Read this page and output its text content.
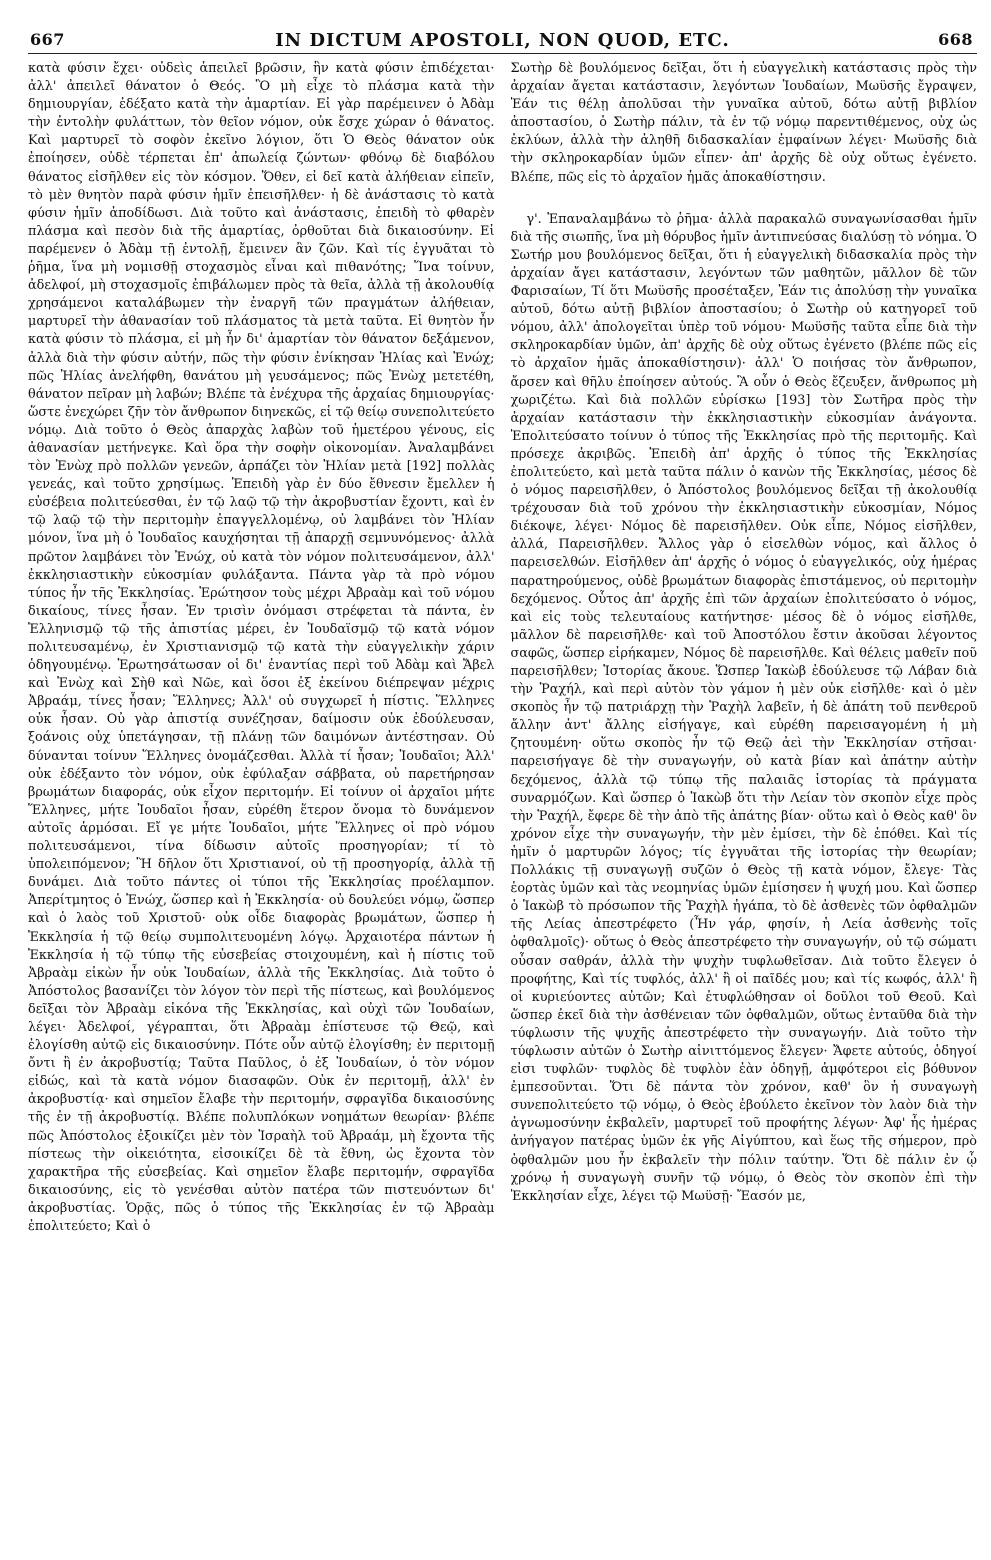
667	IN DICTUM APOSTOLI, NON QUOD, ETC.	668

κατὰ φύσιν ἔχει· οὐδεὶς ἀπειλεῖ βρῶσιν, ἣν κατὰ φύσιν ἐπιδέχεται· ἀλλ' ἀπειλεῖ θάνατον ὁ Θεός. Ὃ μὴ εἶχε τὸ πλάσμα κατὰ τὴν δημιουργίαν, ἐδέξατο κατὰ τὴν ἁμαρτίαν. Εἰ γὰρ παρέμεινεν ὁ Ἀδὰμ τὴν ἐντολὴν φυλάττων, τὸν θεῖον νόμον, οὐκ ἔσχε χώραν ὁ θάνατος. Καὶ μαρτυρεῖ τὸ σοφὸν ἐκεῖνο λόγιον, ὅτι Ὁ Θεὸς θάνατον οὐκ ἐποίησεν, οὐδὲ τέρπεται ἐπ' ἀπωλείᾳ ζώντων· φθόνῳ δὲ διαβόλου θάνατος εἰσῆλθεν εἰς τὸν κόσμον. Ὅθεν, εἰ δεῖ κατὰ ἀλήθειαν εἰπεῖν, τὸ μὲν θνητὸν παρὰ φύσιν ἡμῖν ἐπεισῆλθεν· ἡ δὲ ἀνάστασις τὸ κατὰ φύσιν ἡμῖν ἀποδίδωσι. Διὰ τοῦτο καὶ ἀνάστασις, ἐπειδὴ τὸ φθαρὲν πλάσμα καὶ πεσὸν διὰ τῆς ἁμαρτίας, ὀρθοῦται διὰ δικαιοσύνην. Εἰ παρέμενεν ὁ Ἀδὰμ τῇ ἐντολῇ, ἔμεινεν ἂν ζῶν. Καὶ τίς ἐγγυᾶται τὸ ῥῆμα, ἵνα μὴ νομισθῇ στοχασμὸς εἶναι καὶ πιθανότης; Ἵνα τοίνυν, ἀδελφοί, μὴ στοχασμοῖς ἐπιβάλωμεν πρὸς τὰ θεῖα, ἀλλὰ τῇ ἀκολουθίᾳ χρησάμενοι καταλάβωμεν τὴν ἐναργῆ τῶν πραγμάτων ἀλήθειαν, μαρτυρεῖ τὴν ἀθανασίαν τοῦ πλάσματος τὰ μετὰ ταῦτα. Εἰ θνητὸν ἦν κατὰ φύσιν τὸ πλάσμα, εἰ μὴ ἦν δι' ἁμαρτίαν τὸν θάνατον δεξάμενον, ἀλλὰ διὰ τὴν φύσιν αὐτήν, πῶς τὴν φύσιν ἐνίκησαν Ἠλίας καὶ Ἐνώχ; πῶς Ἠλίας ἀνελήφθη, θανάτου μὴ γευσάμενος; πῶς Ἐνὼχ μετετέθη, θάνατον πεῖραν μὴ λαβών; Βλέπε τὰ ἐνέχυρα τῆς ἀρχαίας δημιουργίας· ὥστε ἐνεχώρει ζῆν τὸν ἄνθρωπον διηνεκῶς, εἰ τῷ θείῳ συνεπολιτεύετο νόμῳ. Διὰ τοῦτο ὁ Θεὸς ἀπαρχὰς λαβὼν τοῦ ἡμετέρου γένους, εἰς ἀθανασίαν μετήνεγκε. Καὶ ὅρα τὴν σοφὴν οἰκονομίαν. Ἀναλαμβάνει τὸν Ἐνὼχ πρὸ πολλῶν γενεῶν, ἁρπάζει τὸν Ἠλίαν μετὰ [192] πολλὰς γενεάς, καὶ τοῦτο χρησίμως. Ἐπειδὴ γὰρ ἐν δύο ἔθνεσιν ἔμελλεν ἡ εὐσέβεια πολιτεύεσθαι, ἐν τῷ λαῷ τῷ τὴν ἀκροβυστίαν ἔχοντι, καὶ ἐν τῷ λαῷ τῷ τὴν περιτομὴν ἐπαγγελλομένῳ, οὐ λαμβάνει τὸν Ἠλίαν μόνον, ἵνα μὴ ὁ Ἰουδαῖος καυχήσηται τῇ ἀπαρχῇ σεμνυνόμενος· ἀλλὰ πρῶτον λαμβάνει τὸν Ἐνώχ, οὐ κατὰ τὸν νόμον πολιτευσάμενον, ἀλλ' ἐκκλησιαστικὴν εὐκοσμίαν φυλάξαντα. Πάντα γὰρ τὰ πρὸ νόμου τύπος ἦν τῆς Ἐκκλησίας. Ἐρώτησον τοὺς μέχρι Ἀβραὰμ καὶ τοῦ νόμου δικαίους, τίνες ἦσαν. Ἐν τρισὶν ὀνόμασι στρέφεται τὰ πάντα, ἐν Ἑλληνισμῷ τῷ τῆς ἀπιστίας μέρει, ἐν Ἰουδαϊσμῷ τῷ κατὰ νόμον πολιτευσαμένῳ, ἐν Χριστιανισμῷ τῷ κατὰ τὴν εὐαγγελικὴν χάριν ὁδηγουμένῳ. Ἐρωτησάτωσαν οἱ δι' ἐναντίας περὶ τοῦ Ἀδὰμ καὶ Ἄβελ καὶ Ἐνὼχ καὶ Σὴθ καὶ Νῶε, καὶ ὅσοι ἐξ ἐκείνου διέπρεψαν μέχρις Ἀβραάμ, τίνες ἦσαν; Ἕλληνες; Ἀλλ' οὐ συγχωρεῖ ἡ πίστις. Ἕλληνες οὐκ ἦσαν. Οὐ γὰρ ἀπιστίᾳ συνέζησαν, δαίμοσιν οὐκ ἐδούλευσαν, ξοάνοις οὐχ ὑπετάγησαν, τῇ πλάνῃ τῶν δαιμόνων ἀντέστησαν. Οὐ δύνανται τοίνυν Ἕλληνες ὀνομάζεσθαι. Ἀλλὰ τί ἦσαν; Ἰουδαῖοι; Ἀλλ' οὐκ ἐδέξαντο τὸν νόμον, οὐκ ἐφύλαξαν σάββατα, οὐ παρετήρησαν βρωμάτων διαφοράς, οὐκ εἶχον περιτομήν. Εἰ τοίνυν οἱ ἀρχαῖοι μήτε Ἕλληνες, μήτε Ἰουδαῖοι ἦσαν, εὑρέθη ἕτερον ὄνομα τὸ δυνάμενον αὐτοῖς ἁρμόσαι. Εἴ γε μήτε Ἰουδαῖοι, μήτε Ἕλληνες οἱ πρὸ νόμου πολιτευσάμενοι, τίνα δίδωσιν αὐτοῖς προσηγορίαν; τί τὸ ὑπολειπόμενον; Ἢ δῆλον ὅτι Χριστιανοί, οὐ τῇ προσηγορίᾳ, ἀλλὰ τῇ δυνάμει. Διὰ τοῦτο πάντες οἱ τύποι τῆς Ἐκκλησίας προέλαμπον. Ἀπερίτμητος ὁ Ἐνώχ, ὥσπερ καὶ ἡ Ἐκκλησία· οὐ δουλεύει νόμῳ, ὥσπερ καὶ ὁ λαὸς τοῦ Χριστοῦ· οὐκ οἶδε διαφορὰς βρωμάτων, ὥσπερ ἡ Ἐκκλησία ἡ τῷ θείῳ συμπολιτευομένη λόγῳ. Ἀρχαιοτέρα πάντων ἡ Ἐκκλησία ἡ τῷ τύπῳ τῆς εὐσεβείας στοιχουμένη, καὶ ἡ πίστις τοῦ Ἀβραὰμ εἰκὼν ἦν οὐκ Ἰουδαίων, ἀλλὰ τῆς Ἐκκλησίας. Διὰ τοῦτο ὁ Ἀπόστολος βασανίζει τὸν λόγον τὸν περὶ τῆς πίστεως, καὶ βουλόμενος δεῖξαι τὸν Ἀβραὰμ εἰκόνα τῆς Ἐκκλησίας, καὶ οὐχὶ τῶν Ἰουδαίων, λέγει· Ἀδελφοί, γέγραπται, ὅτι Ἀβραὰμ ἐπίστευσε τῷ Θεῷ, καὶ ἐλογίσθη αὐτῷ εἰς δικαιοσύνην. Πότε οὖν αὐτῷ ἐλογίσθη; ἐν περιτομῇ ὄντι ἢ ἐν ἀκροβυστίᾳ; Ταῦτα Παῦλος, ὁ ἐξ Ἰουδαίων, ὁ τὸν νόμον εἰδώς, καὶ τὰ κατὰ νόμον διασαφῶν. Οὐκ ἐν περιτομῇ, ἀλλ' ἐν ἀκροβυστίᾳ· καὶ σημεῖον ἔλαβε τὴν περιτομήν, σφραγῖδα δικαιοσύνης τῆς ἐν τῇ ἀκροβυστίᾳ. Βλέπε πολυπλόκων νοημάτων θεωρίαν· βλέπε πῶς Ἀπόστολος ἐξοικίζει μὲν τὸν Ἰσραὴλ τοῦ Ἀβραάμ, μὴ ἔχοντα τῆς πίστεως τὴν οἰκειότητα, εἰσοικίζει δὲ τὰ ἔθνη, ὡς ἔχοντα τὸν χαρακτῆρα τῆς εὐσεβείας. Καὶ σημεῖον ἔλαβε περιτομήν, σφραγῖδα δικαιοσύνης, εἰς τὸ γενέσθαι αὐτὸν πατέρα τῶν πιστευόντων δι' ἀκροβυστίας. Ὁρᾷς, πῶς ὁ τύπος τῆς Ἐκκλησίας ἐν τῷ Ἀβραὰμ ἐπολιτεύετο; Καὶ ὁ

Σωτὴρ δὲ βουλόμενος δεῖξαι, ὅτι ἡ εὐαγγελικὴ κατάστασις πρὸς τὴν ἀρχαίαν ἄγεται κατάστασιν, λεγόντων Ἰουδαίων, Μωϋσῆς ἔγραψεν, Ἐάν τις θέλῃ ἀπολῦσαι τὴν γυναῖκα αὐτοῦ, δότω αὐτῇ βιβλίον ἀποστασίου, ὁ Σωτὴρ πάλιν, τὰ ἐν τῷ νόμῳ παρεντιθέμενος, οὐχ ὡς ἐκλύων, ἀλλὰ τὴν ἀληθῆ διδασκαλίαν ἐμφαίνων λέγει· Μωϋσῆς διὰ τὴν σκληροκαρδίαν ὑμῶν εἶπεν· ἀπ' ἀρχῆς δὲ οὐχ οὕτως ἐγένετο. Βλέπε, πῶς εἰς τὸ ἀρχαῖον ἡμᾶς ἀποκαθίστησιν.

γ'. Ἐπαναλαμβάνω τὸ ῥῆμα· ἀλλὰ παρακαλῶ συναγωνίσασθαι ἡμῖν διὰ τῆς σιωπῆς, ἵνα μὴ θόρυβος ἡμῖν ἀντιπνεύσας διαλύσῃ τὸ νόημα. Ὁ Σωτήρ μου βουλόμενος δεῖξαι, ὅτι ἡ εὐαγγελικὴ διδασκαλία πρὸς τὴν ἀρχαίαν ἄγει κατάστασιν, λεγόντων τῶν μαθητῶν, μᾶλλον δὲ τῶν Φαρισαίων, Τί ὅτι Μωϋσῆς προσέταξεν, Ἐάν τις ἀπολύσῃ τὴν γυναῖκα αὐτοῦ, δότω αὐτῇ βιβλίον ἀποστασίου; ὁ Σωτὴρ οὐ κατηγορεῖ τοῦ νόμου, ἀλλ' ἀπολογεῖται ὑπὲρ τοῦ νόμου· Μωϋσῆς ταῦτα εἶπε διὰ τὴν σκληροκαρδίαν ὑμῶν, ἀπ' ἀρχῆς δὲ οὐχ οὕτως ἐγένετο (βλέπε πῶς εἰς τὸ ἀρχαῖον ἡμᾶς ἀποκαθίστησιν)· ἀλλ' Ὁ ποιήσας τὸν ἄνθρωπον, ἄρσεν καὶ θῆλυ ἐποίησεν αὐτούς. Ἃ οὖν ὁ Θεὸς ἔζευξεν, ἄνθρωπος μὴ χωριζέτω. Καὶ διὰ πολλῶν εὑρίσκω [193] τὸν Σωτῆρα πρὸς τὴν ἀρχαίαν κατάστασιν τὴν ἐκκλησιαστικὴν εὐκοσμίαν ἀνάγοντα. Ἐπολιτεύσατο τοίνυν ὁ τύπος τῆς Ἐκκλησίας πρὸ τῆς περιτομῆς. Καὶ πρόσεχε ἀκριβῶς. Ἐπειδὴ ἀπ' ἀρχῆς ὁ τύπος τῆς Ἐκκλησίας ἐπολιτεύετο, καὶ μετὰ ταῦτα πάλιν ὁ κανὼν τῆς Ἐκκλησίας, μέσος δὲ ὁ νόμος παρεισῆλθεν, ὁ Ἀπόστολος βουλόμενος δεῖξαι τῇ ἀκολουθίᾳ τρέχουσαν διὰ τοῦ χρόνου τὴν ἐκκλησιαστικὴν εὐκοσμίαν, Νόμος διέκοψε, λέγει· Νόμος δὲ παρεισῆλθεν. Οὐκ εἶπε, Νόμος εἰσῆλθεν, ἀλλά, Παρεισῆλθεν. Ἄλλος γὰρ ὁ εἰσελθὼν νόμος, καὶ ἄλλος ὁ παρεισελθών. Εἰσῆλθεν ἀπ' ἀρχῆς ὁ νόμος ὁ εὐαγγελικός, οὐχ ἡμέρας παρατηρούμενος, οὐδὲ βρωμάτων διαφορὰς ἐπιστάμενος, οὐ περιτομὴν δεχόμενος. Οὗτος ἀπ' ἀρχῆς ἐπὶ τῶν ἀρχαίων ἐπολιτεύσατο ὁ νόμος, καὶ εἰς τοὺς τελευταίους κατήντησε· μέσος δὲ ὁ νόμος εἰσῆλθε, μᾶλλον δὲ παρεισῆλθε· καὶ τοῦ Ἀποστόλου ἔστιν ἀκοῦσαι λέγοντος σαφῶς, ὥσπερ εἰρήκαμεν, Νόμος δὲ παρεισῆλθε. Καὶ θέλεις μαθεῖν ποῦ παρεισῆλθεν; Ἱστορίας ἄκουε. Ὥσπερ Ἰακὼβ ἐδούλευσε τῷ Λάβαν διὰ τὴν Ῥαχήλ, καὶ περὶ αὐτὸν τὸν γάμον ἡ μὲν οὐκ εἰσῆλθε· καὶ ὁ μὲν σκοπὸς ἦν τῷ πατριάρχῃ τὴν Ῥαχὴλ λαβεῖν, ἡ δὲ ἀπάτη τοῦ πενθεροῦ ἄλλην ἀντ' ἄλλης εἰσήγαγε, καὶ εὑρέθη παρεισαγομένη ἡ μὴ ζητουμένη· οὕτω σκοπὸς ἦν τῷ Θεῷ ἀεὶ τὴν Ἐκκλησίαν στῆσαι· παρεισήγαγε δὲ τὴν συναγωγήν, οὐ κατὰ βίαν καὶ ἀπάτην αὐτὴν δεχόμενος, ἀλλὰ τῷ τύπῳ τῆς παλαιᾶς ἱστορίας τὰ πράγματα συναρμόζων. Καὶ ὥσπερ ὁ Ἰακὼβ ὅτι τὴν Λείαν τὸν σκοπὸν εἶχε πρὸς τὴν Ῥαχήλ, ἔφερε δὲ τὴν ἀπὸ τῆς ἀπάτης βίαν· οὕτω καὶ ὁ Θεὸς καθ' ὃν χρόνον εἶχε τὴν συναγωγήν, τὴν μὲν ἐμίσει, τὴν δὲ ἐπόθει. Καὶ τίς ἡμῖν ὁ μαρτυρῶν λόγος; τίς ἐγγυᾶται τῆς ἱστορίας τὴν θεωρίαν; Πολλάκις τῇ συναγωγῇ συζῶν ὁ Θεὸς τῇ κατὰ νόμον, ἔλεγε· Τὰς ἑορτὰς ὑμῶν καὶ τὰς νεομηνίας ὑμῶν ἐμίσησεν ἡ ψυχή μου. Καὶ ὥσπερ ὁ Ἰακὼβ τὸ πρόσωπον τῆς Ῥαχὴλ ἠγάπα, τὸ δὲ ἀσθενὲς τῶν ὀφθαλμῶν τῆς Λείας ἀπεστρέφετο (Ἦν γάρ, φησίν, ἡ Λεία ἀσθενὴς τοῖς ὀφθαλμοῖς)· οὕτως ὁ Θεὸς ἀπεστρέφετο τὴν συναγωγήν, οὐ τῷ σώματι οὖσαν σαθράν, ἀλλὰ τὴν ψυχὴν τυφλωθεῖσαν. Διὰ τοῦτο ἔλεγεν ὁ προφήτης, Καὶ τίς τυφλός, ἀλλ' ἢ οἱ παῖδές μου; καὶ τίς κωφός, ἀλλ' ἢ οἱ κυριεύοντες αὐτῶν; Καὶ ἐτυφλώθησαν οἱ δοῦλοι τοῦ Θεοῦ. Καὶ ὥσπερ ἐκεῖ διὰ τὴν ἀσθένειαν τῶν ὀφθαλμῶν, οὕτως ἐνταῦθα διὰ τὴν τύφλωσιν τῆς ψυχῆς ἀπεστρέφετο τὴν συναγωγήν. Διὰ τοῦτο τὴν τύφλωσιν αὐτῶν ὁ Σωτὴρ αἰνιττόμενος ἔλεγεν· Ἄφετε αὐτούς, ὁδηγοί εἰσι τυφλῶν· τυφλὸς δὲ τυφλὸν ἐὰν ὁδηγῇ, ἀμφότεροι εἰς βόθυνον ἐμπεσοῦνται. Ὅτι δὲ πάντα τὸν χρόνον, καθ' ὃν ἡ συναγωγὴ συνεπολιτεύετο τῷ νόμῳ, ὁ Θεὸς ἐβούλετο ἐκεῖνον τὸν λαὸν διὰ τὴν ἀγνωμοσύνην ἐκβαλεῖν, μαρτυρεῖ τοῦ προφήτης λέγων· Ἀφ' ἧς ἡμέρας ἀνήγαγον πατέρας ὑμῶν ἐκ γῆς Αἰγύπτου, καὶ ἕως τῆς σήμερον, πρὸ ὀφθαλμῶν μου ἦν ἐκβαλεῖν τὴν πόλιν ταύτην. Ὅτι δὲ πάλιν ἐν ᾧ χρόνῳ ἡ συναγωγὴ συνῆν τῷ νόμῳ, ὁ Θεὸς τὸν σκοπὸν ἐπὶ τὴν Ἐκκλησίαν εἶχε, λέγει τῷ Μωϋσῇ· Ἔασόν με,
